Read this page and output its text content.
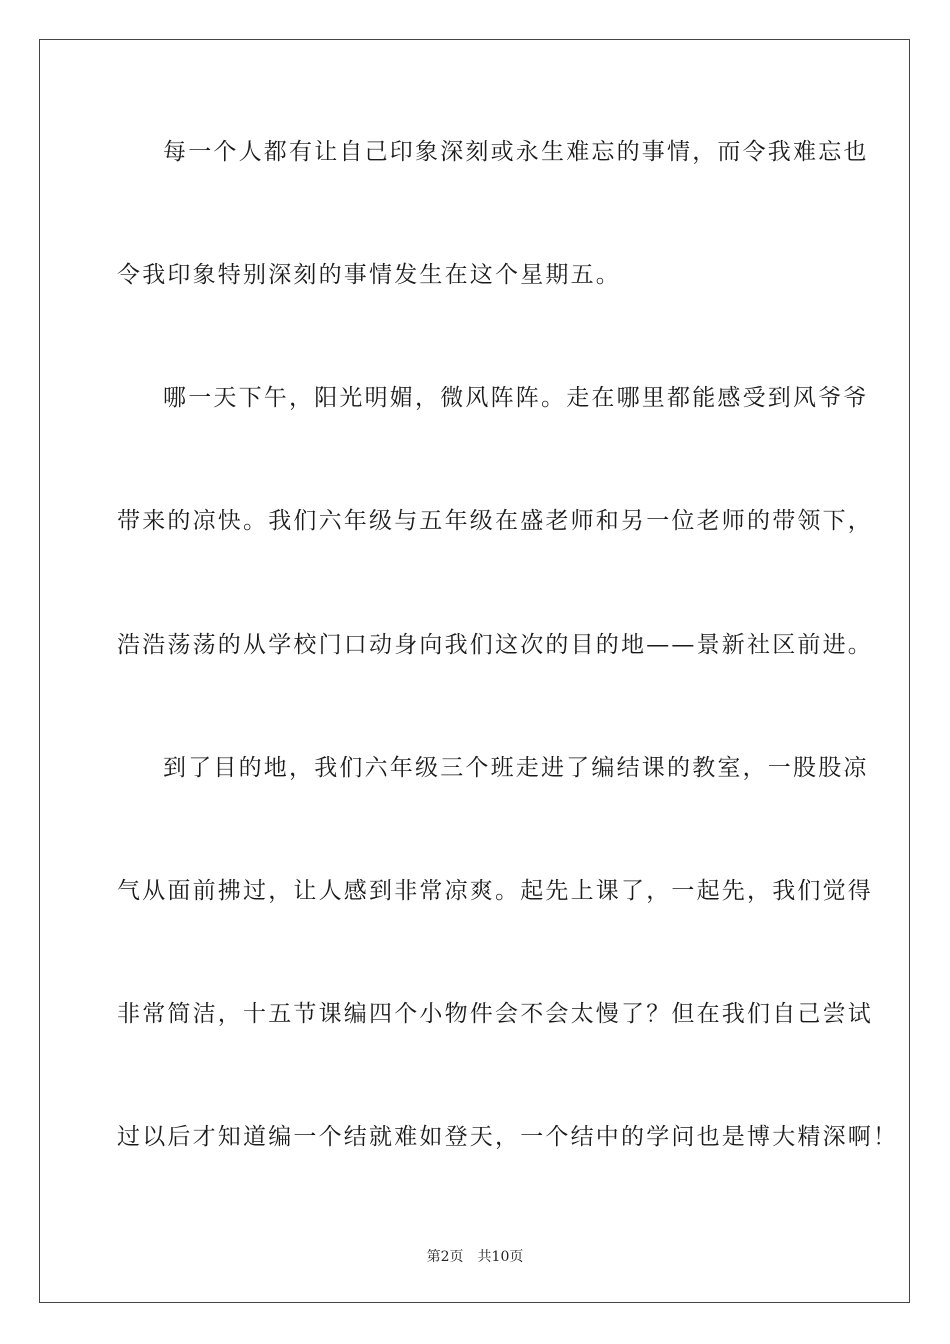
每一个人都有让自己印象深刻或永生难忘的事情，而令我难忘也
令我印象特别深刻的事情发生在这个星期五。
哪一天下午，阳光明媚，微风阵阵。走在哪里都能感受到风爷爷
带来的凉快。我们六年级与五年级在盛老师和另一位老师的带领下，
浩浩荡荡的从学校门口动身向我们这次的目的地——景新社区前进。
到了目的地，我们六年级三个班走进了编结课的教室，一股股凉
气从面前拂过，让人感到非常凉爽。起先上课了，一起先，我们觉得
非常简洁，十五节课编四个小物件会不会太慢了？但在我们自己尝试
过以后才知道编一个结就难如登天，一个结中的学问也是博大精深啊！
第2页 共10页
